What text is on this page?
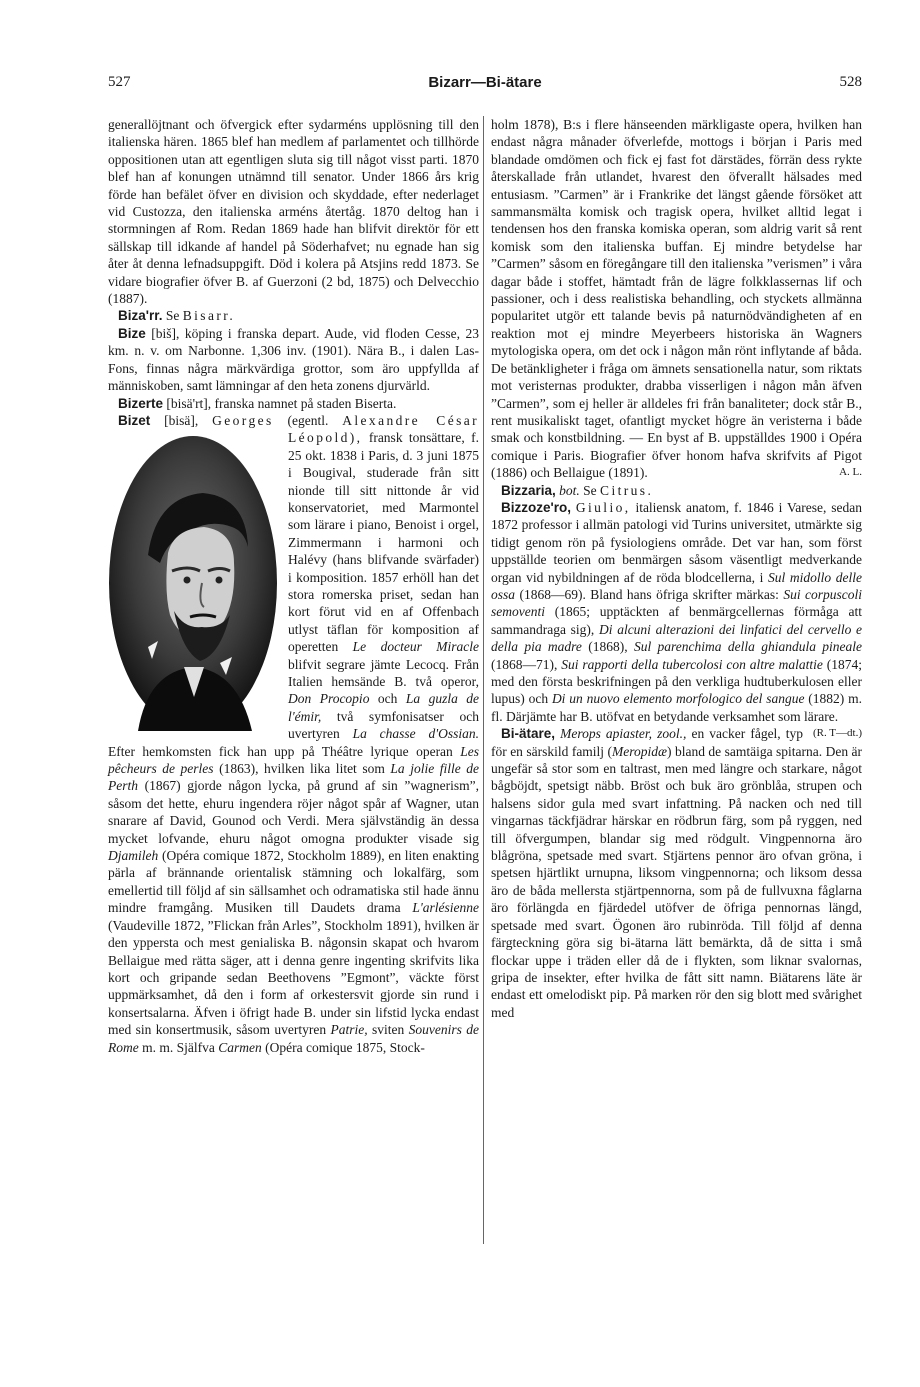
527	Bizarr—Bi-ätare	528

generallöjtnant och öfvergick efter sydarméns upplösning till den italienska hären. 1865 blef han medlem af parlamentet och tillhörde oppositionen utan att egentligen sluta sig till något visst parti. 1870 blef han af konungen utnämnd till senator. Under 1866 års krig förde han befälet öfver en division och skyddade, efter nederlaget vid Custozza, den italienska arméns återtåg. 1870 deltog han i stormningen af Rom. Redan 1869 hade han blifvit direktör för ett sällskap till idkande af handel på Söderhafvet; nu egnade han sig åter åt denna lefnadsuppgift. Död i kolera på Atsjins redd 1873. Se vidare biografier öfver B. af Guerzoni (2 bd, 1875) och Delvecchio (1887).

Biza'rr. Se Bisarr.

Bize [biš], köping i franska depart. Aude, vid floden Cesse, 23 km. n. v. om Narbonne. 1,306 inv. (1901). Nära B., i dalen Las-Fons, finnas några märkvärdiga grottor, som äro uppfyllda af människoben, samt lämningar af den heta zonens djurvärld.

Bizerte [bisä'rt], franska namnet på staden Biserta.

Bizet [bisä], Georges (egentl. Alexandre César Léopold), fransk tonsättare, f. 25 okt. 1838 i Paris, d. 3 juni 1875 i Bougival, studerade från sitt nionde till sitt nittonde år vid konservatoriet, med Marmontel som lärare i piano, Benoist i orgel, Zimmermann i harmoni och Halévy (hans blifvande svärfader) i komposition. 1857 erhöll han det stora romerska priset, sedan han kort förut vid en af Offenbach utlyst täflan för komposition af operetten Le docteur Miracle blifvit segrare jämte Lecocq. Från Italien hemsände B. två operor, Don Procopio och La guzla de l'émir, två symfonisatser och uvertyren La chasse d'Ossian. Efter hemkomsten fick han upp på Théâtre lyrique operan Les pêcheurs de perles (1863), hvilken lika litet som La jolie fille de Perth (1867) gjorde någon lycka, på grund af sin ”wagnerism”, såsom det hette, ehuru ingendera röjer något spår af Wagner, utan snarare af David, Gounod och Verdi. Mera självständig än dessa mycket lofvande, ehuru något omogna produkter visade sig Djamileh (Opéra comique 1872, Stockholm 1889), en liten enakting pärla af brännande orientalisk stämning och lokalfärg, som emellertid till följd af sin sällsamhet och odramatiska stil hade ännu mindre framgång. Musiken till Daudets drama L'arlésienne (Vaudeville 1872, ”Flickan från Arles”, Stockholm 1891), hvilken är den yppersta och mest genialiska B. någonsin skapat och hvarom Bellaigue med rätta säger, att i denna genre ingenting skrifvits lika kort och gripande sedan Beethovens ”Egmont”, väckte först uppmärksamhet, då den i form af orkestersvit gjorde sin rund i konsertsalarna. Äfven i öfrigt hade B. under sin lifstid lycka endast med sin konsertmusik, såsom uvertyren Patrie, sviten Souvenirs de Rome m. m. Själfva Carmen (Opéra comique 1875, Stock-

holm 1878), B:s i flere hänseenden märkligaste opera, hvilken han endast några månader öfverlefde, mottogs i början i Paris med blandade omdömen och fick ej fast fot därstädes, förrän dess rykte återskallade från utlandet, hvarest den öfverallt hälsades med entusiasm. ”Carmen” är i Frankrike det längst gående försöket att sammansmälta komisk och tragisk opera, hvilket alltid legat i tendensen hos den franska komiska operan, som aldrig varit så rent komisk som den italienska buffan. Ej mindre betydelse har ”Carmen” såsom en föregångare till den italienska ”verismen” i våra dagar både i stoffet, hämtadt från de lägre folkklassernas lif och passioner, och i dess realistiska behandling, och styckets allmänna popularitet utgör ett talande bevis på naturnödvändigheten af en reaktion mot ej mindre Meyerbeers historiska än Wagners mytologiska opera, om det ock i någon mån rönt inflytande af båda. De betänkligheter i fråga om ämnets sensationella natur, som riktats mot veristernas produkter, drabba visserligen i någon mån äfven ”Carmen”, som ej heller är alldeles fri från banaliteter; dock står B., rent musikaliskt taget, ofantligt mycket högre än veristerna i både smak och konstbildning. — En byst af B. uppställdes 1900 i Opéra comique i Paris. Biografier öfver honom hafva skrifvits af Pigot (1886) och Bellaigue (1891).	A. L.

Bizzaria, bot. Se Citrus.

Bizzoze'ro, Giulio, italiensk anatom, f. 1846 i Varese, sedan 1872 professor i allmän patologi vid Turins universitet, utmärkte sig tidigt genom rön på fysiologiens område. Det var han, som först uppställde teorien om benmärgen såsom väsentligt medverkande organ vid nybildningen af de röda blodcellerna, i Sul midollo delle ossa (1868—69). Bland hans öfriga skrifter märkas: Sui corpuscoli semoventi (1865; upptäckten af benmärgcellernas förmåga att sammandraga sig), Di alcuni alterazioni dei linfatici del cervello e della pia madre (1868), Sul parenchima della ghiandula pineale (1868—71), Sui rapporti della tubercolosi con altre malattie (1874; med den första beskrifningen på den verkliga hudtuberkulosen eller lupus) och Di un nuovo elemento morfologico del sangue (1882) m. fl. Därjämte har B. utöfvat en betydande verksamhet som lärare.
(R. T—dt.)

Bi-ätare, Merops apiaster, zool., en vacker fågel, typ för en särskild familj (Meropidæ) bland de samtäiga spitarna. Den är ungefär så stor som en taltrast, men med längre och starkare, något bågböjdt, spetsigt näbb. Bröst och buk äro grönblåa, strupen och halsens sidor gula med svart infattning. På nacken och ned till vingarnas täckfjädrar härskar en rödbrun färg, som på ryggen, ned till öfvergumpen, blandar sig med rödgult. Vingpennorna äro blågröna, spetsade med svart. Stjärtens pennor äro ofvan gröna, i spetsen hjärtlikt urnupna, liksom vingpennorna; och liksom dessa äro de båda mellersta stjärtpennorna, som på de fullvuxna fåglarna äro förlängda en fjärdedel utöfver de öfriga pennornas längd, spetsade med svart. Ögonen äro rubinröda. Till följd af denna färgteckning göra sig bi-ätarna lätt bemärkta, då de sitta i små flockar uppe i träden eller då de i flykten, som liknar svalornas, gripa de insekter, efter hvilka de fått sitt namn. Biätarens läte är endast ett omelodiskt pip. På marken rör den sig blott med svårighet med
